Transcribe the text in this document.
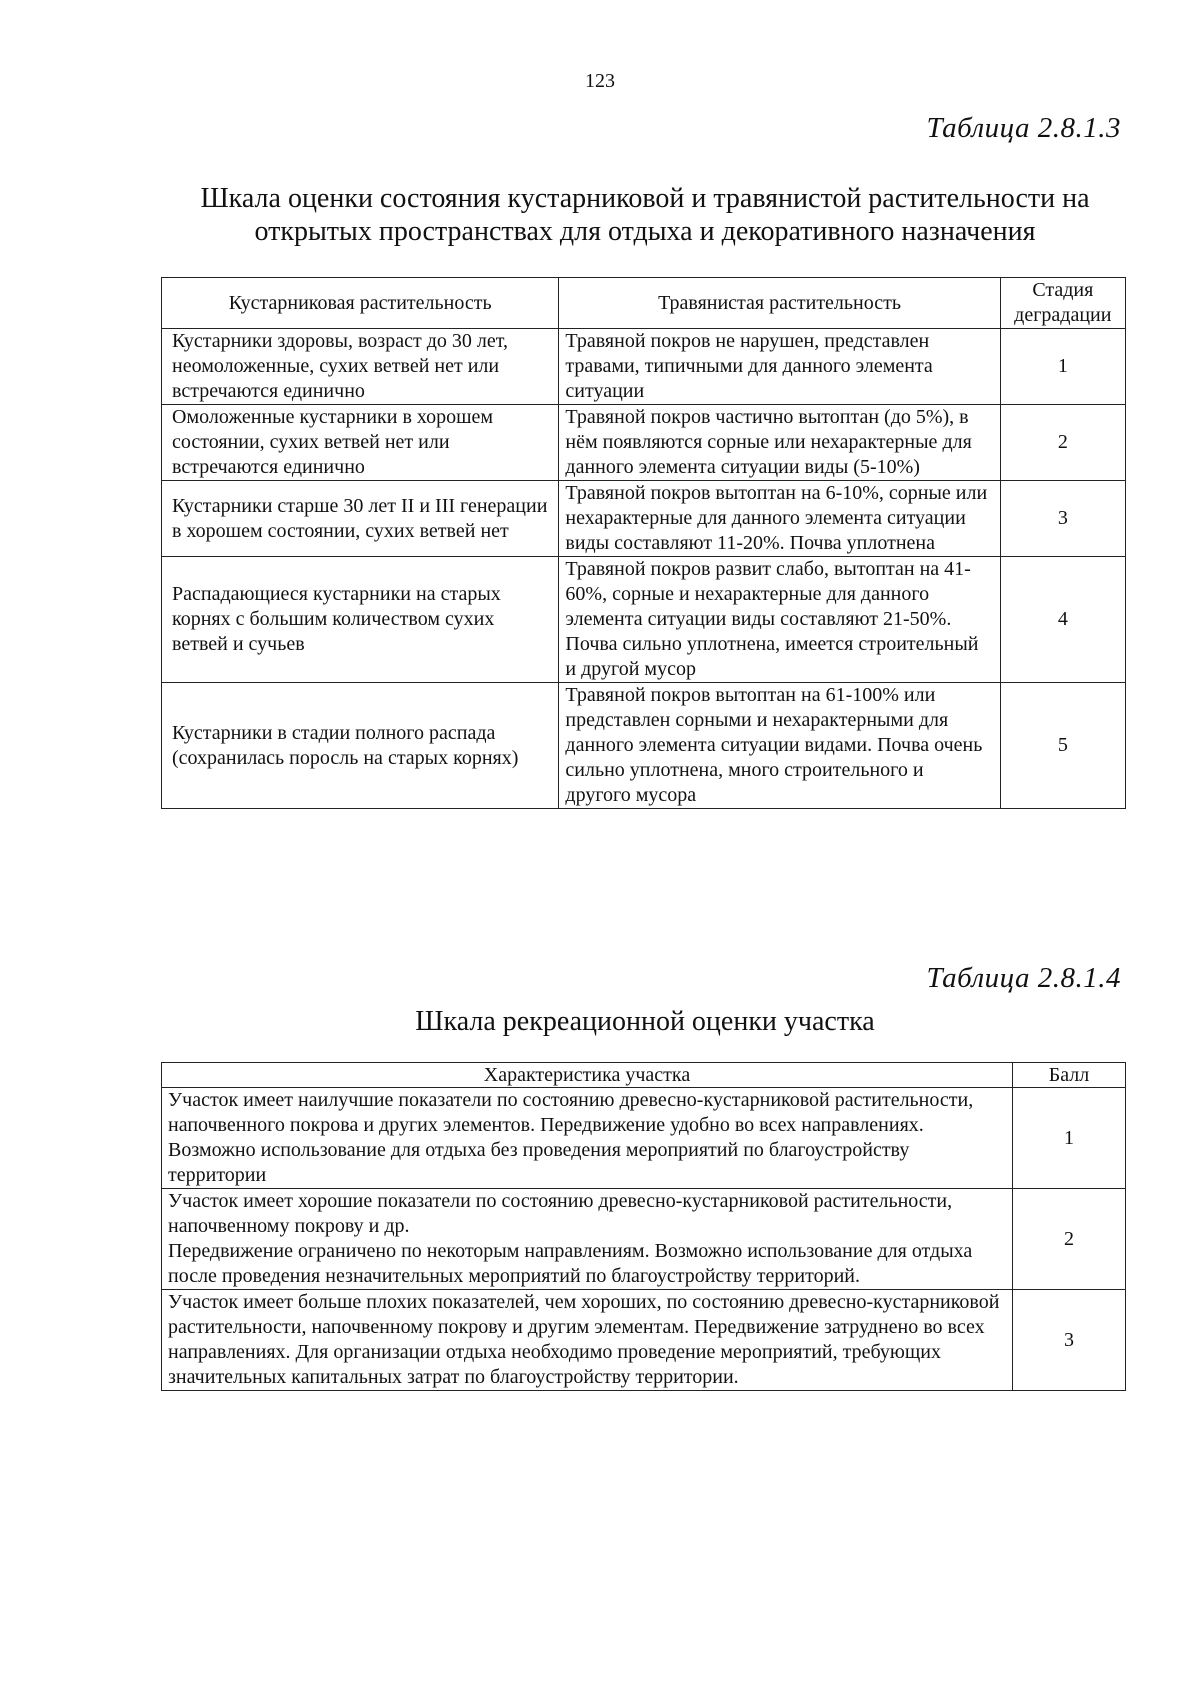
123
Таблица 2.8.1.3
Шкала оценки состояния кустарниковой и травянистой растительности на
открытых пространствах для отдыха и декоративного назначения
Кустарниковая растительность	Травянистая растительность	Стадия деградации
Кустарники здоровы, возраст до 30 лет, неомоложенные, сухих ветвей нет или встречаются единично	Травяной покров не нарушен, представлен травами, типичными для данного элемента ситуации	1
Омоложенные кустарники в хорошем состоянии, сухих ветвей нет или встречаются единично	Травяной покров частично вытоптан (до 5%), в нём появляются сорные или нехарактерные для данного элемента ситуации виды (5-10%)	2
Кустарники старше 30 лет II и III генерации в хорошем состоянии, сухих ветвей нет	Травяной покров вытоптан на 6-10%, сорные или нехарактерные для данного элемента ситуации виды составляют 11-20%. Почва уплотнена	3
Распадающиеся кустарники на старых корнях с большим количеством сухих ветвей и сучьев	Травяной покров развит слабо, вытоптан на 41-60%, сорные и нехарактерные для данного элемента ситуации виды составляют 21-50%.
Почва сильно уплотнена, имеется строительный и другой мусор	4
Кустарники в стадии полного распада (сохранилась поросль на старых корнях)	Травяной покров вытоптан на 61-100% или представлен сорными и нехарактерными для данного элемента ситуации видами. Почва очень сильно уплотнена, много строительного и другого мусора	5
Таблица 2.8.1.4
Шкала рекреационной оценки участка
Характеристика участка	Балл
Участок имеет наилучшие показатели по состоянию древесно-кустарниковой растительности, напочвенного покрова и других элементов. Передвижение удобно во всех направлениях. Возможно использование для отдыха без проведения мероприятий по благоустройству территории	1
Участок имеет хорошие показатели по состоянию древесно-кустарниковой растительности, напочвенному покрову и др.
Передвижение ограничено по некоторым направлениям. Возможно использование для отдыха после проведения незначительных мероприятий по благоустройству территорий.	2
Участок имеет больше плохих показателей, чем хороших, по состоянию древесно-кустарниковой растительности, напочвенному покрову и другим элементам. Передвижение затруднено во всех направлениях. Для организации отдыха необходимо проведение мероприятий, требующих значительных капитальных затрат по благоустройству территории.	3
